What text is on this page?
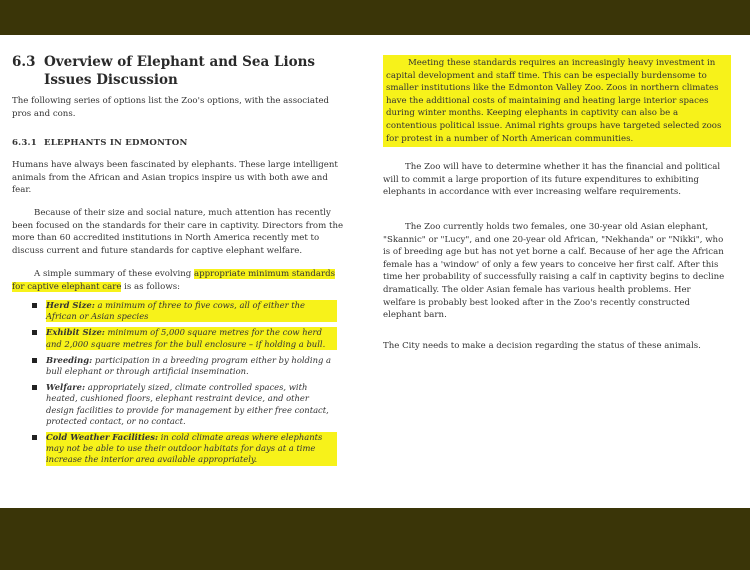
6.3 Overview of Elephant and Sea Lions
Issues Discussion

The following series of options list the Zoo's options, with the associated pros and cons.

6.3.1 ELEPHANTS IN EDMONTON

Humans have always been fascinated by elephants. These large intelligent animals from the African and Asian tropics inspire us with both awe and fear.

Because of their size and social nature, much attention has recently been focused on the standards for their care in captivity. Directors from the more than 60 accredited institutions in North America recently met to discuss current and future standards for captive elephant welfare.

A simple summary of these evolving appropriate minimum standards for captive elephant care is as follows:

Herd Size: a minimum of three to five cows, all of either the African or Asian species
Exhibit Size: minimum of 5,000 square metres for the cow herd and 2,000 square metres for the bull enclosure – if holding a bull.
Breeding: participation in a breeding program either by holding a bull elephant or through artificial insemination.
Welfare: appropriately sized, climate controlled spaces, with heated, cushioned floors, elephant restraint device, and other design facilities to provide for management by either free contact, protected contact, or no contact.
Cold Weather Facilities: in cold climate areas where elephants may not be able to use their outdoor habitats for days at a time increase the interior area available appropriately.

Meeting these standards requires an increasingly heavy investment in capital development and staff time. This can be especially burdensome to smaller institutions like the Edmonton Valley Zoo. Zoos in northern climates have the additional costs of maintaining and heating large interior spaces during winter months. Keeping elephants in captivity can also be a contentious political issue. Animal rights groups have targeted selected zoos for protest in a number of North American communities.

The Zoo will have to determine whether it has the financial and political will to commit a large proportion of its future expenditures to exhibiting elephants in accordance with ever increasing welfare requirements.

The Zoo currently holds two females, one 30-year old Asian elephant, "Skannic" or "Lucy", and one 20-year old African, "Nekhanda" or "Nikki", who is of breeding age but has not yet borne a calf. Because of her age the African female has a 'window' of only a few years to conceive her first calf. After this time her probability of successfully raising a calf in captivity begins to decline dramatically. The older Asian female has various health problems. Her welfare is probably best looked after in the Zoo's recently constructed elephant barn.

The City needs to make a decision regarding the status of these animals.
